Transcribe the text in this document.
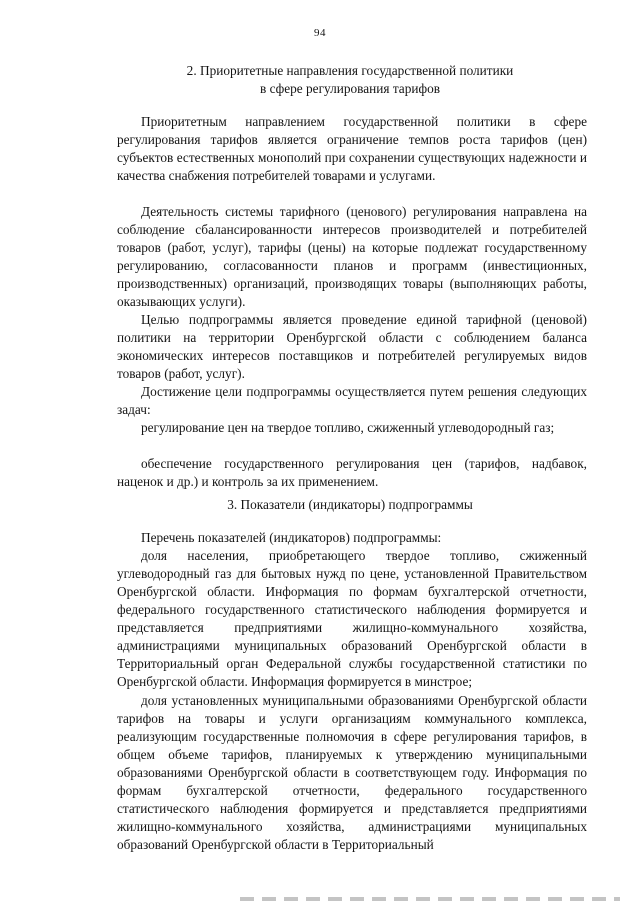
94
2. Приоритетные направления государственной политики
в сфере регулирования тарифов

Приоритетным направлением государственной политики в сфере регулирования тарифов является ограничение темпов роста тарифов (цен) субъектов естественных монополий при сохранении существующих надежности и качества снабжения потребителей товарами и услугами.

Деятельность системы тарифного (ценового) регулирования направлена на соблюдение сбалансированности интересов производителей и потребителей товаров (работ, услуг), тарифы (цены) на которые подлежат государственному регулированию, согласованности планов и программ (инвестиционных, производственных) организаций, производящих товары (выполняющих работы, оказывающих услуги).

Целью подпрограммы является проведение единой тарифной (ценовой) политики на территории Оренбургской области с соблюдением баланса экономических интересов поставщиков и потребителей регулируемых видов товаров (работ, услуг).

Достижение цели подпрограммы осуществляется путем решения следующих задач:

регулирование цен на твердое топливо, сжиженный углеводородный газ;

обеспечение государственного регулирования цен (тарифов, надбавок, наценок и др.) и контроль за их применением.

3. Показатели (индикаторы) подпрограммы

Перечень показателей (индикаторов) подпрограммы:

доля населения, приобретающего твердое топливо, сжиженный углеводородный газ для бытовых нужд по цене, установленной Правительством Оренбургской области. Информация по формам бухгалтерской отчетности, федерального государственного статистического наблюдения формируется и представляется предприятиями жилищно-коммунального хозяйства, администрациями муниципальных образований Оренбургской области в Территориальный орган Федеральной службы государственной статистики по Оренбургской области. Информация формируется в минстрое;

доля установленных муниципальными образованиями Оренбургской области тарифов на товары и услуги организациям коммунального комплекса, реализующим государственные полномочия в сфере регулирования тарифов, в общем объеме тарифов, планируемых к утверждению муниципальными образованиями Оренбургской области в соответствующем году. Информация по формам бухгалтерской отчетности, федерального государственного статистического наблюдения формируется и представляется предприятиями жилищно-коммунального хозяйства, администрациями муниципальных образований Оренбургской области в Территориальный
